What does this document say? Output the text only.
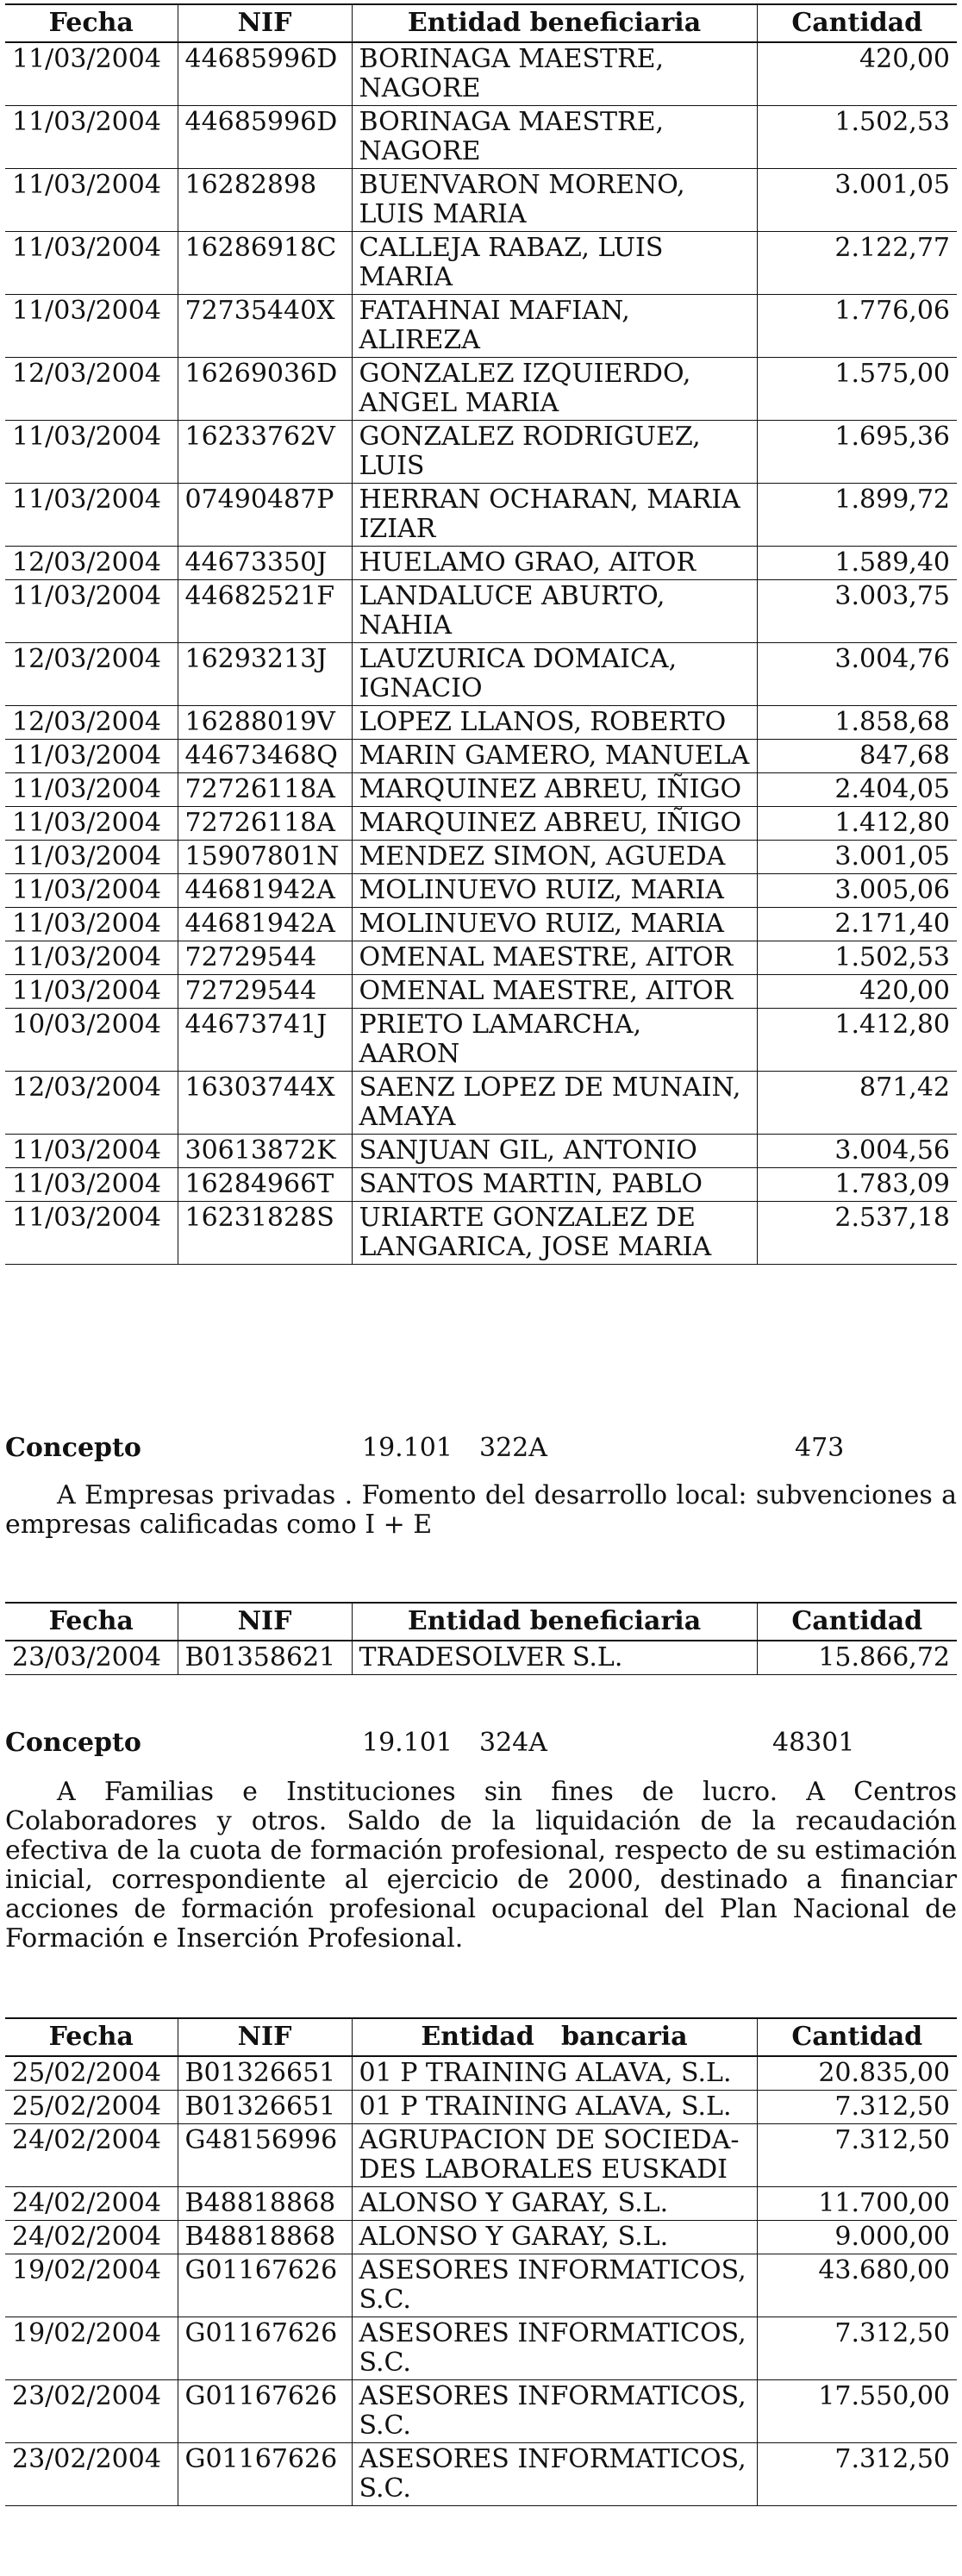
Fecha	NIF	Entidad beneficiaria	Cantidad
11/03/2004	44685996D	BORINAGA MAESTRE, NAGORE	420,00
11/03/2004	44685996D	BORINAGA MAESTRE, NAGORE	1.502,53
11/03/2004	16282898	BUENVARON MORENO, LUIS MARIA	3.001,05
11/03/2004	16286918C	CALLEJA RABAZ, LUIS MARIA	2.122,77
11/03/2004	72735440X	FATAHNAI MAFIAN, ALIREZA	1.776,06
12/03/2004	16269036D	GONZALEZ IZQUIERDO, ANGEL MARIA	1.575,00
11/03/2004	16233762V	GONZALEZ RODRIGUEZ, LUIS	1.695,36
11/03/2004	07490487P	HERRAN OCHARAN, MARIA IZIAR	1.899,72
12/03/2004	44673350J	HUELAMO GRAO, AITOR	1.589,40
11/03/2004	44682521F	LANDALUCE ABURTO, NAHIA	3.003,75
12/03/2004	16293213J	LAUZURICA DOMAICA, IGNACIO	3.004,76
12/03/2004	16288019V	LOPEZ LLANOS, ROBERTO	1.858,68
11/03/2004	44673468Q	MARIN GAMERO, MANUELA	847,68
11/03/2004	72726118A	MARQUINEZ ABREU, IÑIGO	2.404,05
11/03/2004	72726118A	MARQUINEZ ABREU, IÑIGO	1.412,80
11/03/2004	15907801N	MENDEZ SIMON, AGUEDA	3.001,05
11/03/2004	44681942A	MOLINUEVO RUIZ, MARIA	3.005,06
11/03/2004	44681942A	MOLINUEVO RUIZ, MARIA	2.171,40
11/03/2004	72729544	OMENAL MAESTRE, AITOR	1.502,53
11/03/2004	72729544	OMENAL MAESTRE, AITOR	420,00
10/03/2004	44673741J	PRIETO LAMARCHA, AARON	1.412,80
12/03/2004	16303744X	SAENZ LOPEZ DE MUNAIN, AMAYA	871,42
11/03/2004	30613872K	SANJUAN GIL, ANTONIO	3.004,56
11/03/2004	16284966T	SANTOS MARTIN, PABLO	1.783,09
11/03/2004	16231828S	URIARTE GONZALEZ DE LANGARICA, JOSE MARIA	2.537,18
Concepto	19.101 322A	473

A Empresas privadas . Fomento del desarrollo local: subvenciones a empresas calificadas como I + E

Fecha	NIF	Entidad beneficiaria	Cantidad
23/03/2004	B01358621	TRADESOLVER S.L.	15.866,72
Concepto	19.101 324A	48301

A Familias e Instituciones sin fines de lucro. A Centros Colaboradores y otros. Saldo de la liquidación de la recaudación efectiva de la cuota de formación profesional, respecto de su estimación inicial, correspondiente al ejercicio de 2000, destinado a financiar acciones de formación profesional ocupacional del Plan Nacional de Formación e Inserción Profesional.

Fecha	NIF	Entidad   bancaria	Cantidad
25/02/2004	B01326651	01 P TRAINING ALAVA, S.L.	20.835,00
25/02/2004	B01326651	01 P TRAINING ALAVA, S.L.	7.312,50
24/02/2004	G48156996	AGRUPACION DE SOCIEDA-DES LABORALES EUSKADI	7.312,50
24/02/2004	B48818868	ALONSO Y GARAY, S.L.	11.700,00
24/02/2004	B48818868	ALONSO Y GARAY, S.L.	9.000,00
19/02/2004	G01167626	ASESORES INFORMATICOS, S.C.	43.680,00
19/02/2004	G01167626	ASESORES INFORMATICOS, S.C.	7.312,50
23/02/2004	G01167626	ASESORES INFORMATICOS, S.C.	17.550,00
23/02/2004	G01167626	ASESORES INFORMATICOS, S.C.	7.312,50
